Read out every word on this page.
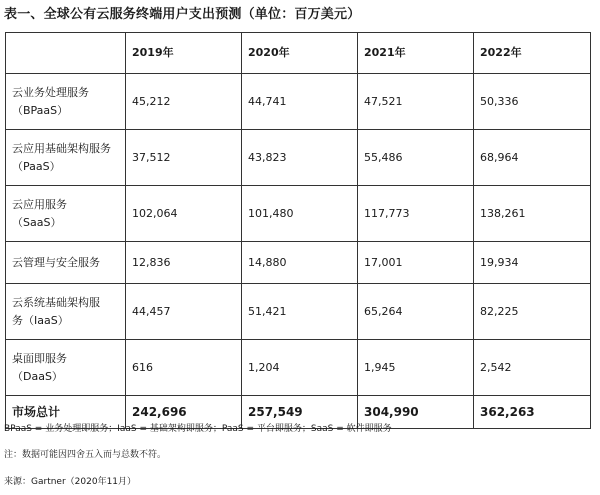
表一、全球公有云服务终端用户支出预测（单位：百万美元）
	2019年	2020年	2021年	2022年

云业务处理服务
（BPaaS）	45,212	44,741	47,521	50,336

云应用基础架构服务
（PaaS）	37,512	43,823	55,486	68,964

云应用服务
（SaaS）	102,064	101,480	117,773	138,261

云管理与安全服务	12,836	14,880	17,001	19,934

云系统基础架构服
务（IaaS）	44,457	51,421	65,264	82,225

桌面即服务
（DaaS）	616	1,204	1,945	2,542
市场总计	242,696	257,549	304,990	362,263
BPaaS = 业务处理即服务；IaaS = 基础架构即服务；PaaS = 平台即服务；SaaS = 软件即服务
注：数据可能因四舍五入而与总数不符。
来源：Gartner（2020年11月）
